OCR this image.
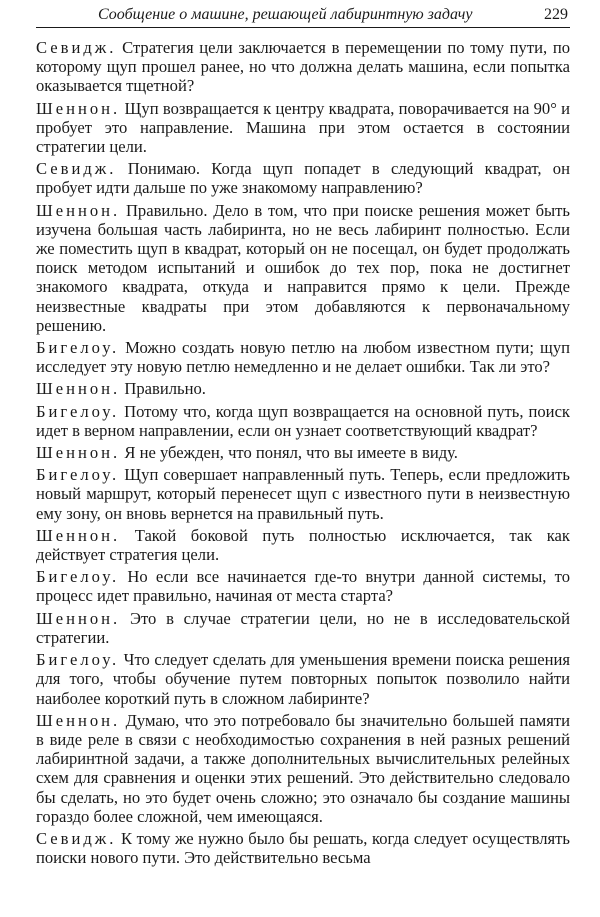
Сообщение о машине, решающей лабиринтную задачу	229

Севидж. Стратегия цели заключается в перемещении по тому пути, по которому щуп прошел ранее, но что должна делать машина, если попытка оказывается тщетной?

Шеннон. Щуп возвращается к центру квадрата, поворачивается на 90° и пробует это направление. Машина при этом остается в состоянии стратегии цели.

Севидж. Понимаю. Когда щуп попадет в следующий квадрат, он пробует идти дальше по уже знакомому направлению?

Шеннон. Правильно. Дело в том, что при поиске решения может быть изучена большая часть лабиринта, но не весь лабиринт полностью. Если же поместить щуп в квадрат, который он не посещал, он будет продолжать поиск методом испытаний и ошибок до тех пор, пока не достигнет знакомого квадрата, откуда и направится прямо к цели. Прежде неизвестные квадраты при этом добавляются к первоначальному решению.

Бигелоу. Можно создать новую петлю на любом известном пути; щуп исследует эту новую петлю немедленно и не делает ошибки. Так ли это?

Шеннон. Правильно.

Бигелоу. Потому что, когда щуп возвращается на основной путь, поиск идет в верном направлении, если он узнает соответствующий квадрат?

Шеннон. Я не убежден, что понял, что вы имеете в виду.

Бигелоу. Щуп совершает направленный путь. Теперь, если предложить новый маршрут, который перенесет щуп с известного пути в неизвестную ему зону, он вновь вернется на правильный путь.

Шеннон. Такой боковой путь полностью исключается, так как действует стратегия цели.

Бигелоу. Но если все начинается где-то внутри данной системы, то процесс идет правильно, начиная от места старта?

Шеннон. Это в случае стратегии цели, но не в исследовательской стратегии.

Бигелоу. Что следует сделать для уменьшения времени поиска решения для того, чтобы обучение путем повторных попыток позволило найти наиболее короткий путь в сложном лабиринте?

Шеннон. Думаю, что это потребовало бы значительно большей памяти в виде реле в связи с необходимостью сохранения в ней разных решений лабиринтной задачи, а также дополнительных вычислительных релейных схем для сравнения и оценки этих решений. Это действительно следовало бы сделать, но это будет очень сложно; это означало бы создание машины гораздо более сложной, чем имеющаяся.

Севидж. К тому же нужно было бы решать, когда следует осуществлять поиски нового пути. Это действительно весьма
